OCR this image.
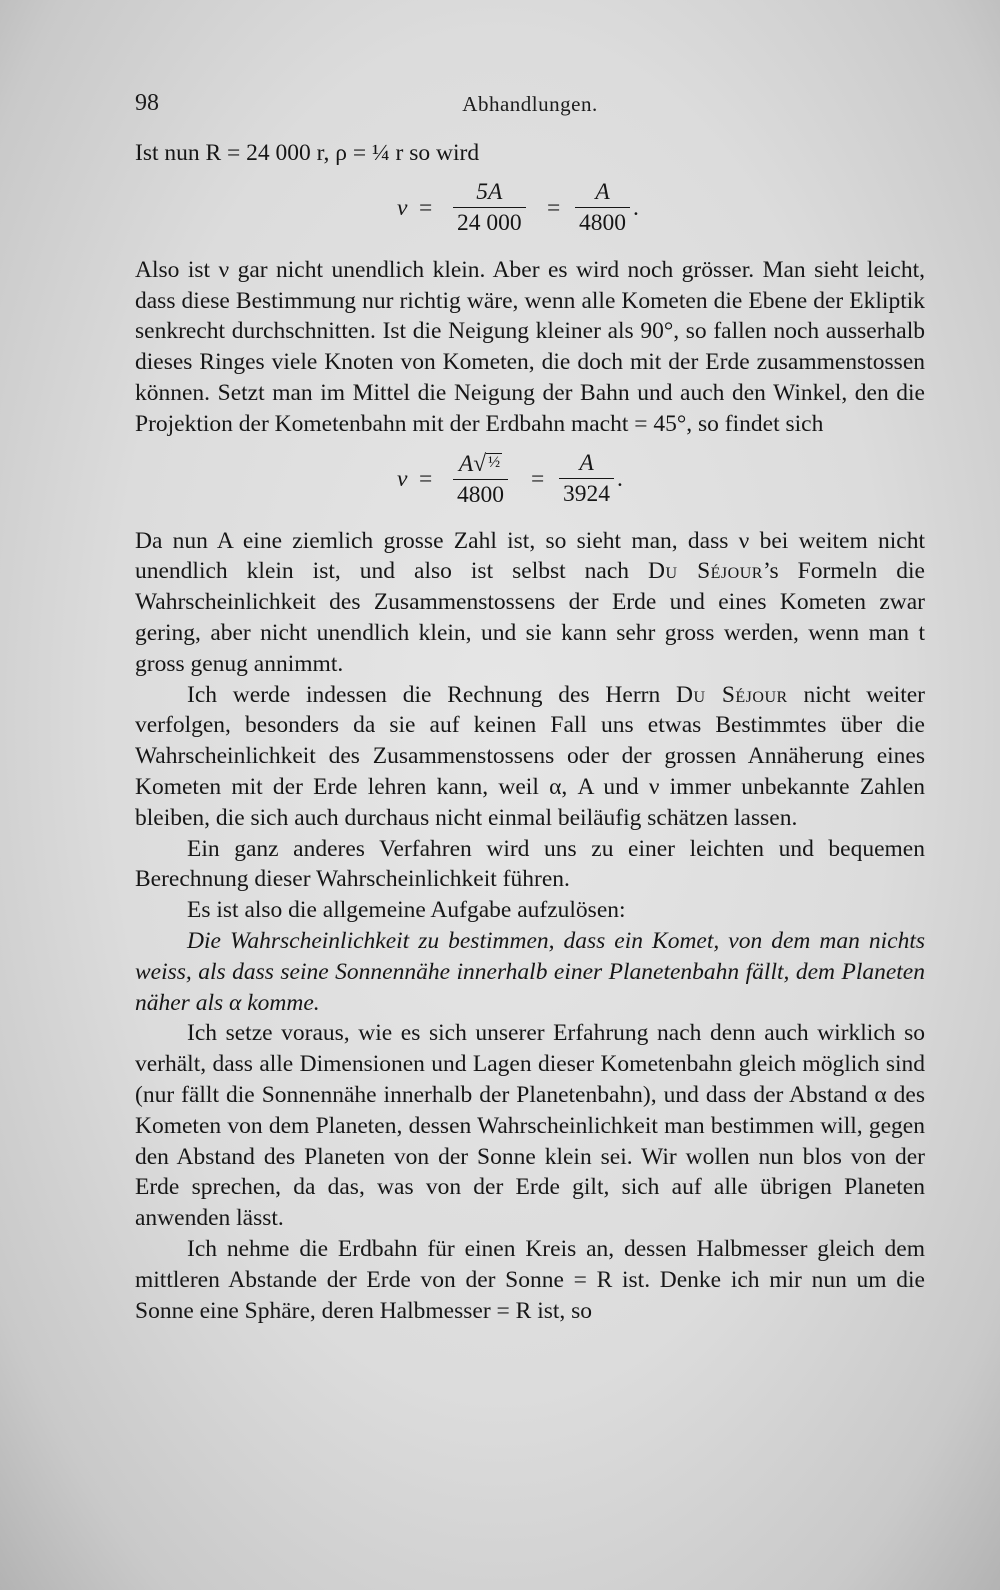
98	Abhandlungen.

Ist nun R = 24 000 r, ρ = ¼ r so wird

$\nu = \frac{5A}{24 000} = \frac{A}{4800}$ .

Also ist ν gar nicht unendlich klein. Aber es wird noch grösser. Man sieht leicht, dass diese Bestimmung nur richtig wäre, wenn alle Kometen die Ebene der Ekliptik senkrecht durchschnitten. Ist die Neigung kleiner als 90°, so fallen noch ausserhalb dieses Ringes viele Knoten von Kometen, die doch mit der Erde zusammenstossen können. Setzt man im Mittel die Neigung der Bahn und auch den Winkel, den die Projektion der Kometenbahn mit der Erdbahn macht = 45°, so findet sich

$\nu = \frac{\text{A√ ½}}{4800} = \frac{A}{3924}$ .

Da nun A eine ziemlich grosse Zahl ist, so sieht man, dass ν bei weitem nicht unendlich klein ist, und also ist selbst nach Du Séjour’s Formeln die Wahrscheinlichkeit des Zusammenstossens der Erde und eines Kometen zwar gering, aber nicht unendlich klein, und sie kann sehr gross werden, wenn man t gross genug annimmt.

Ich werde indessen die Rechnung des Herrn Du Séjour nicht weiter verfolgen, besonders da sie auf keinen Fall uns etwas Bestimmtes über die Wahrscheinlichkeit des Zusammenstossens oder der grossen Annäherung eines Kometen mit der Erde lehren kann, weil α, A und ν immer unbekannte Zahlen bleiben, die sich auch durchaus nicht einmal beiläufig schätzen lassen.

Ein ganz anderes Verfahren wird uns zu einer leichten und bequemen Berechnung dieser Wahrscheinlichkeit führen.

Es ist also die allgemeine Aufgabe aufzulösen:

Die Wahrscheinlichkeit zu bestimmen, dass ein Komet, von dem man nichts weiss, als dass seine Sonnennähe innerhalb einer Planetenbahn fällt, dem Planeten näher als α komme.

Ich setze voraus, wie es sich unserer Erfahrung nach denn auch wirklich so verhält, dass alle Dimensionen und Lagen dieser Kometenbahn gleich möglich sind (nur fällt die Sonnennähe innerhalb der Planetenbahn), und dass der Abstand α des Kometen von dem Planeten, dessen Wahrscheinlichkeit man bestimmen will, gegen den Abstand des Planeten von der Sonne klein sei. Wir wollen nun blos von der Erde sprechen, da das, was von der Erde gilt, sich auf alle übrigen Planeten anwenden lässt.

Ich nehme die Erdbahn für einen Kreis an, dessen Halbmesser gleich dem mittleren Abstande der Erde von der Sonne = R ist. Denke ich mir nun um die Sonne eine Sphäre, deren Halbmesser = R ist, so
